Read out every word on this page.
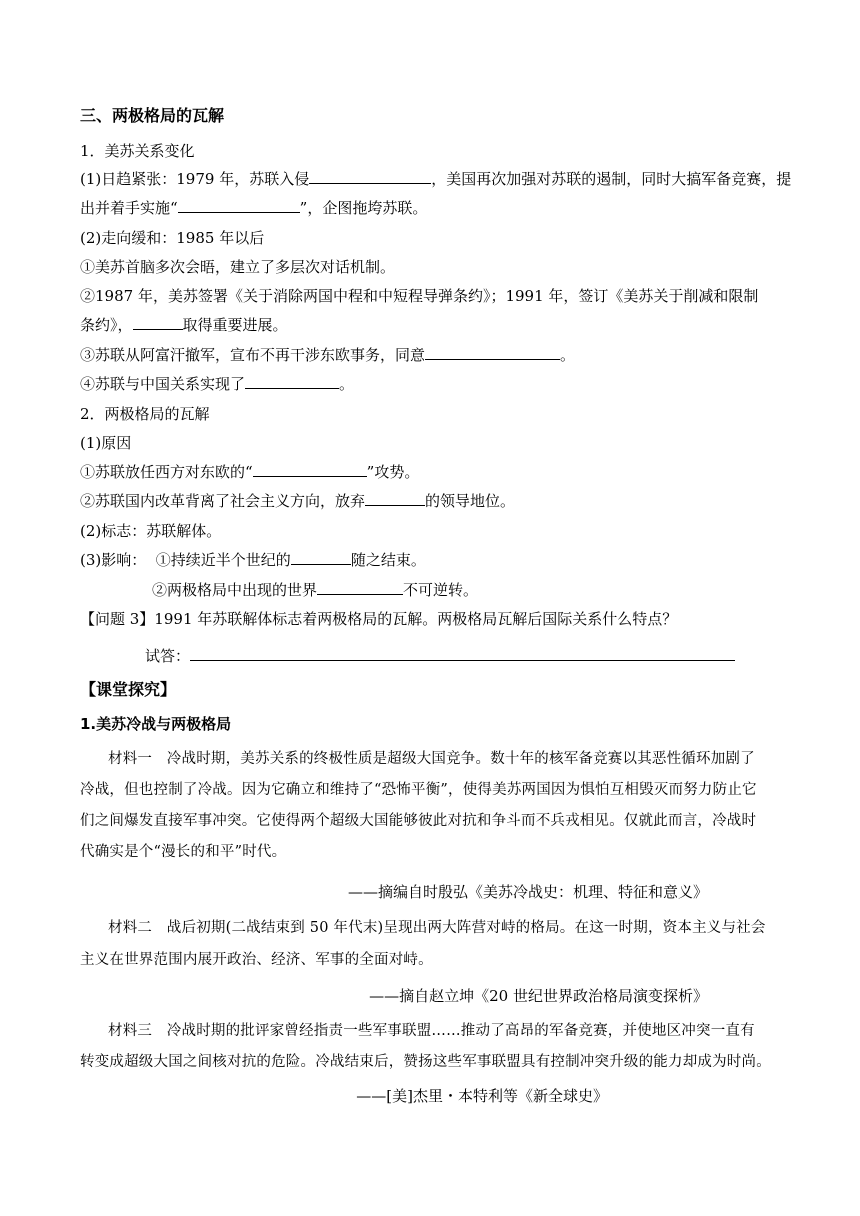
三、两极格局的瓦解
1．美苏关系变化
(1)日趋紧张：1979 年，苏联入侵	，美国再次加强对苏联的遏制，同时大搞军备竞赛，提
出并着手实施“	”，企图拖垮苏联。
(2)走向缓和：1985 年以后
①美苏首脑多次会晤，建立了多层次对话机制。
②1987 年，美苏签署《关于消除两国中程和中短程导弹条约》；1991 年，签订《美苏关于削减和限制
条约》，	取得重要进展。
③苏联从阿富汗撤军，宣布不再干涉东欧事务，同意	。
④苏联与中国关系实现了	。
2．两极格局的瓦解
(1)原因
①苏联放任西方对东欧的“	”攻势。
②苏联国内改革背离了社会主义方向，放弃	的领导地位。
(2)标志：苏联解体。
(3)影响： ①持续近半个世纪的	随之结束。
②两极格局中出现的世界	不可逆转。
【问题 3】1991 年苏联解体标志着两极格局的瓦解。两极格局瓦解后国际关系什么特点？
试答：
【课堂探究】
1.美苏冷战与两极格局
材料一　冷战时期，美苏关系的终极性质是超级大国竞争。数十年的核军备竞赛以其恶性循环加剧了
冷战，但也控制了冷战。因为它确立和维持了“恐怖平衡”，使得美苏两国因为惧怕互相毁灭而努力防止它
们之间爆发直接军事冲突。它使得两个超级大国能够彼此对抗和争斗而不兵戎相见。仅就此而言，冷战时
代确实是个“漫长的和平”时代。
——摘编自时殷弘《美苏冷战史：机理、特征和意义》
材料二　战后初期(二战结束到 50 年代末)呈现出两大阵营对峙的格局。在这一时期，资本主义与社会
主义在世界范围内展开政治、经济、军事的全面对峙。
——摘自赵立坤《20 世纪世界政治格局演变探析》
材料三　冷战时期的批评家曾经指责一些军事联盟……推动了高昂的军备竞赛，并使地区冲突一直有
转变成超级大国之间核对抗的危险。冷战结束后，赞扬这些军事联盟具有控制冲突升级的能力却成为时尚。
——[美]杰里・本特利等《新全球史》
